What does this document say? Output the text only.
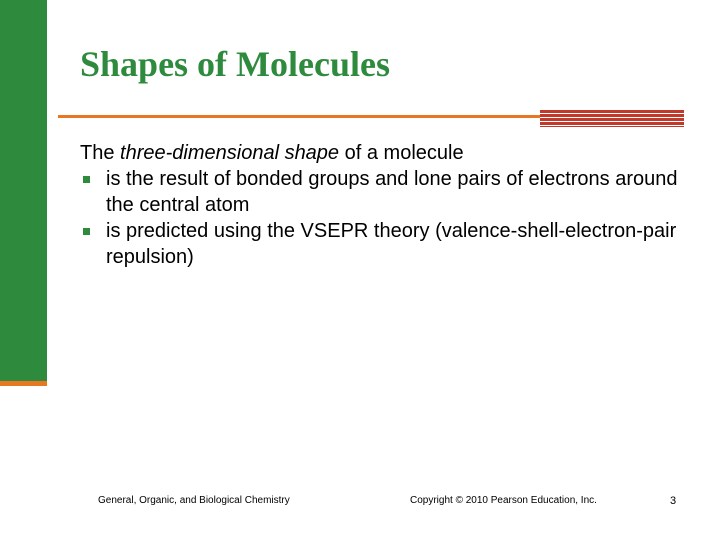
Shapes of Molecules

The three-dimensional shape of a molecule

is the result of bonded groups and lone pairs of electrons around the central atom
is predicted using the VSEPR theory (valence-shell-electron-pair repulsion)
General, Organic, and Biological Chemistry	Copyright © 2010 Pearson Education, Inc.	3
